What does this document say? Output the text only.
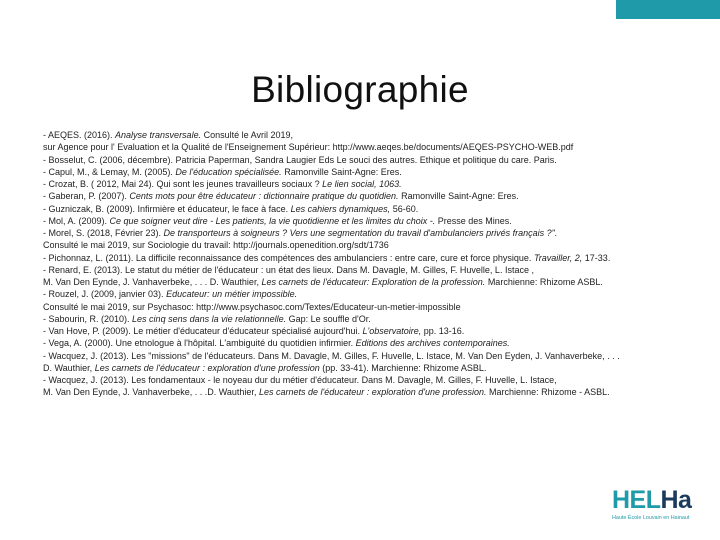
Bibliographie
- AEQES. (2016). Analyse transversale. Consulté le Avril 2019,
sur Agence pour l' Evaluation et la Qualité de l'Enseignement Supérieur: http://www.aeqes.be/documents/AEQES-PSYCHO-WEB.pdf
- Bosselut, C. (2006, décembre). Patricia Paperman, Sandra Laugier Eds Le souci des autres. Ethique et politique du care. Paris.
- Capul, M., & Lemay, M. (2005). De l'éducation spécialisée. Ramonville Saint-Agne: Eres.
- Crozat, B. ( 2012, Mai 24). Qui sont les jeunes travailleurs sociaux ? Le lien social, 1063.
- Gaberan, P. (2007). Cents mots pour être éducateur : dictionnaire pratique du quotidien. Ramonville Saint-Agne: Eres.
- Guzniczak, B. (2009). Infirmière et éducateur, le face à face. Les cahiers dynamiques, 56-60.
- Mol, A. (2009). Ce que soigner veut dire - Les patients, la vie quotidienne et les limites du choix -. Presse des Mines.
- Morel, S. (2018, Février 23). De transporteurs à soigneurs ? Vers une segmentation du travail d'ambulanciers privés français ?".
Consulté le mai 2019, sur Sociologie du travail: http://journals.openedition.org/sdt/1736
- Pichonnaz, L. (2011). La difficile reconnaissance des compétences des ambulanciers : entre care, cure et force physique. Travailler, 2, 17-33.
- Renard, E. (2013). Le statut du métier de l'éducateur : un état des lieux. Dans M. Davagle, M. Gilles, F. Huvelle, L. Istace ,
M. Van Den Eynde, J. Vanhaverbeke, . . . D. Wauthier, Les carnets de l'éducateur: Exploration de la profession. Marchienne: Rhizome ASBL.
- Rouzel, J. (2009, janvier 03). Educateur: un métier impossible.
Consulté le mai 2019, sur Psychasoc: http://www.psychasoc.com/Textes/Educateur-un-metier-impossible
- Sabourin, R. (2010). Les cinq sens dans la vie relationnelle. Gap: Le souffle d'Or.
- Van Hove, P. (2009). Le métier d'éducateur d'éducateur spécialisé aujourd'hui. L'observatoire, pp. 13-16.
- Vega, A. (2000). Une etnologue à l'hôpital. L'ambiguité du quotidien infirmier. Editions des archives contemporaines.
- Wacquez, J. (2013). Les "missions" de l'éducateurs. Dans M. Davagle, M. Gilles, F. Huvelle, L. Istace, M. Van Den Eyden, J. Vanhaverbeke, . . .
D. Wauthier, Les carnets de l'éducateur : exploration d'une profession (pp. 33-41). Marchienne: Rhizome ASBL.
- Wacquez, J. (2013). Les fondamentaux - le noyeau dur du métier d'éducateur. Dans M. Davagle, M. Gilles, F. Huvelle, L. Istace,
M. Van Den Eynde, J. Vanhaverbeke, . . .D. Wauthier, Les carnets de l'éducateur : exploration d'une profession. Marchienne: Rhizome - ASBL.
HELHa
Haute École Louvain en Hainaut
